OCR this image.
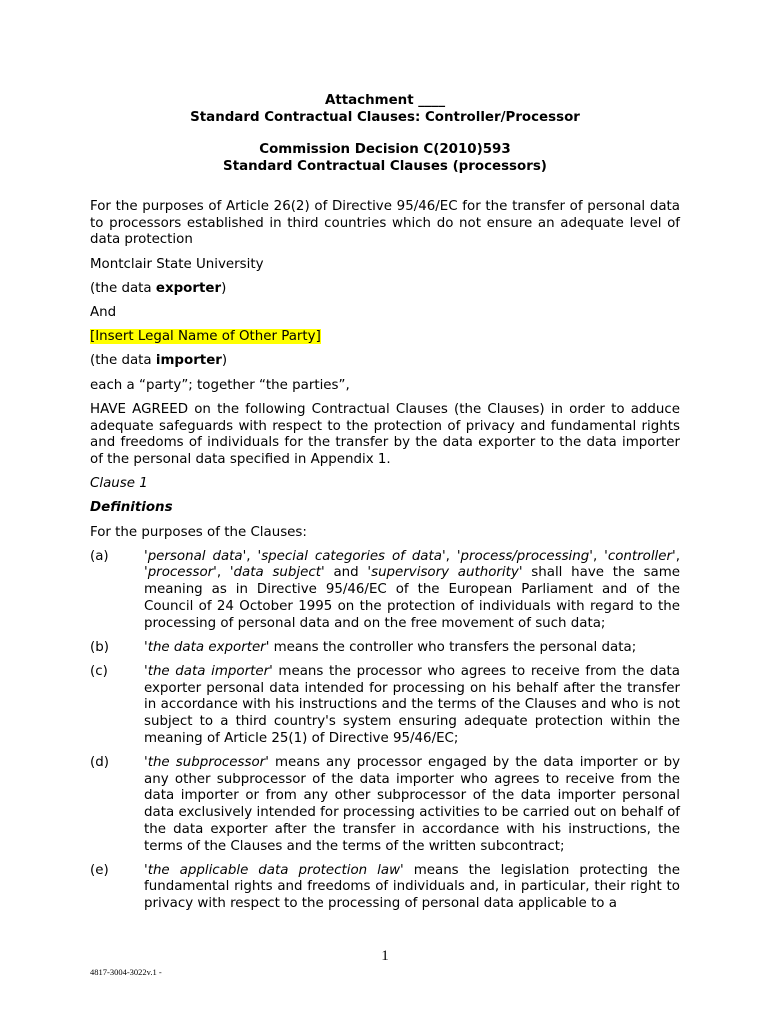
Attachment ____
Standard Contractual Clauses: Controller/Processor
Commission Decision C(2010)593
Standard Contractual Clauses (processors)

For the purposes of Article 26(2) of Directive 95/46/EC for the transfer of personal data to processors established in third countries which do not ensure an adequate level of data protection

Montclair State University

(the data exporter)

And

[Insert Legal Name of Other Party]

(the data importer)

each a “party”; together “the parties”,

HAVE AGREED on the following Contractual Clauses (the Clauses) in order to adduce adequate safeguards with respect to the protection of privacy and fundamental rights and freedoms of individuals for the transfer by the data exporter to the data importer of the personal data specified in Appendix 1.

Clause 1

Definitions

For the purposes of the Clauses:

(a)	'personal data', 'special categories of data', 'process/processing', 'controller', 'processor', 'data subject' and 'supervisory authority' shall have the same meaning as in Directive 95/46/EC of the European Parliament and of the Council of 24 October 1995 on the protection of individuals with regard to the processing of personal data and on the free movement of such data;
(b)	'the data exporter' means the controller who transfers the personal data;
(c)	'the data importer' means the processor who agrees to receive from the data exporter personal data intended for processing on his behalf after the transfer in accordance with his instructions and the terms of the Clauses and who is not subject to a third country's system ensuring adequate protection within the meaning of Article 25(1) of Directive 95/46/EC;
(d)	'the subprocessor' means any processor engaged by the data importer or by any other subprocessor of the data importer who agrees to receive from the data importer or from any other subprocessor of the data importer personal data exclusively intended for processing activities to be carried out on behalf of the data exporter after the transfer in accordance with his instructions, the terms of the Clauses and the terms of the written subcontract;
(e)	'the applicable data protection law' means the legislation protecting the fundamental rights and freedoms of individuals and, in particular, their right to privacy with respect to the processing of personal data applicable to a
1
4817-3004-3022v.1 -
